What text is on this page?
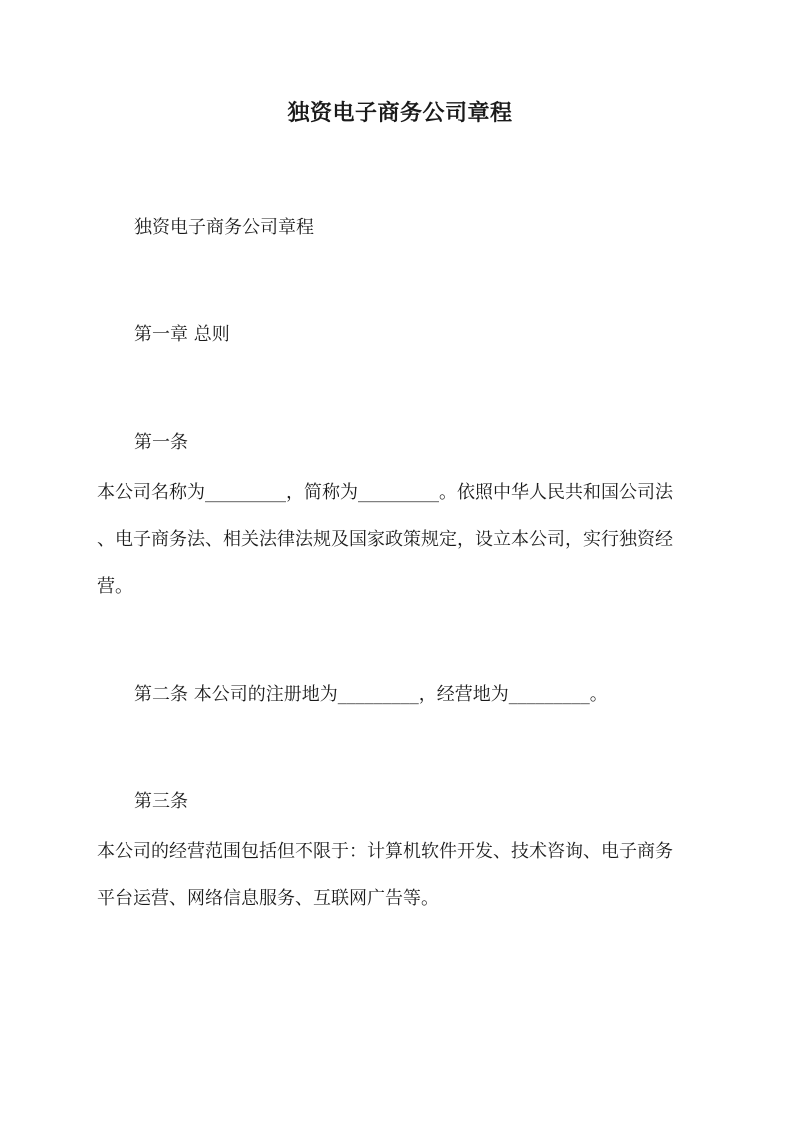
独资电子商务公司章程

独资电子商务公司章程

第一章 总则

第一条

本公司名称为_________，简称为_________。依照中华人民共和国公司法

、电子商务法、相关法律法规及国家政策规定，设立本公司，实行独资经

营。

第二条 本公司的注册地为_________，经营地为_________。

第三条

本公司的经营范围包括但不限于：计算机软件开发、技术咨询、电子商务

平台运营、网络信息服务、互联网广告等。
